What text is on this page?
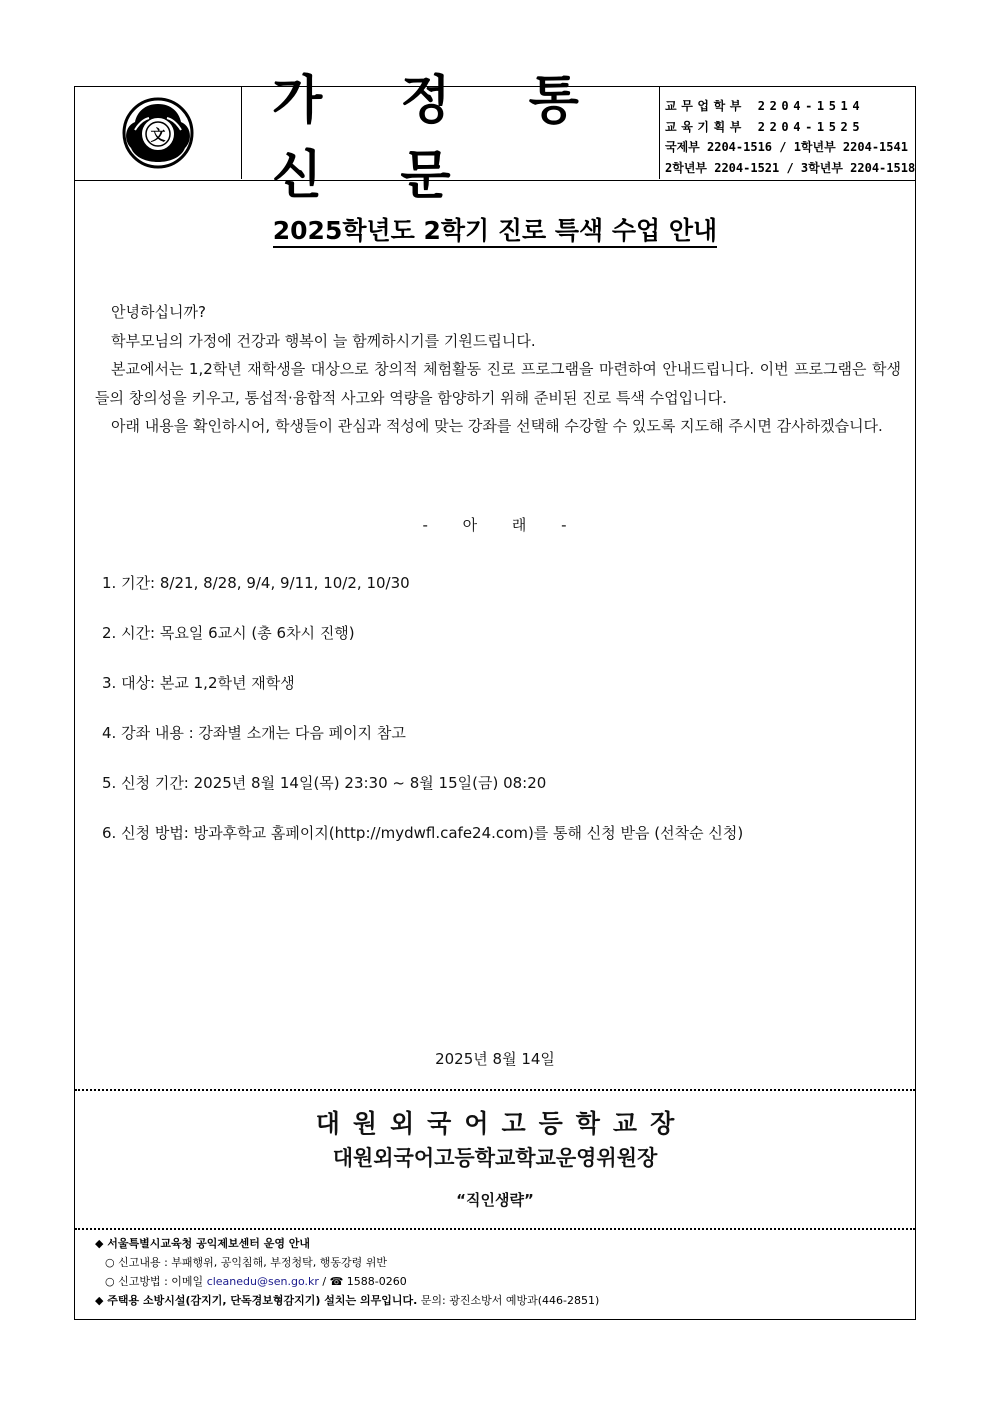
文
가 정 통 신 문
교무업학부 2204-1514
교육기획부 2204-1525
국제부 2204-1516 / 1학년부 2204-1541
2학년부 2204-1521 / 3학년부 2204-1518
2025학년도 2학기 진로 특색 수업 안내

안녕하십니까?

학부모님의 가정에 건강과 행복이 늘 함께하시기를 기원드립니다.

본교에서는 1,2학년 재학생을 대상으로 창의적 체험활동 진로 프로그램을 마련하여 안내드립니다. 이번 프로그램은 학생들의 창의성을 키우고, 통섭적·융합적 사고와 역량을 함양하기 위해 준비된 진로 특색 수업입니다.

아래 내용을 확인하시어, 학생들이 관심과 적성에 맞는 강좌를 선택해 수강할 수 있도록 지도해 주시면 감사하겠습니다.

- 아 래 -
1. 기간: 8/21, 8/28, 9/4, 9/11, 10/2, 10/30
2. 시간: 목요일 6교시 (총 6차시 진행)
3. 대상: 본교 1,2학년 재학생
4. 강좌 내용 : 강좌별 소개는 다음 페이지 참고
5. 신청 기간: 2025년 8월 14일(목) 23:30 ~ 8월 15일(금) 08:20
6. 신청 방법: 방과후학교 홈페이지(http://mydwfl.cafe24.com)를 통해 신청 받음 (선착순 신청)
2025년 8월 14일
대원외국어고등학교장
대원외국어고등학교학교운영위원장
“직인생략”
◆ 서울특별시교육청 공익제보센터 운영 안내
○ 신고내용 : 부패행위, 공익침해, 부정청탁, 행동강령 위반
○ 신고방법 : 이메일 cleanedu@sen.go.kr / ☎ 1588-0260
◆ 주택용 소방시설(감지기, 단독경보형감지기) 설치는 의무입니다. 문의: 광진소방서 예방과(446-2851)
